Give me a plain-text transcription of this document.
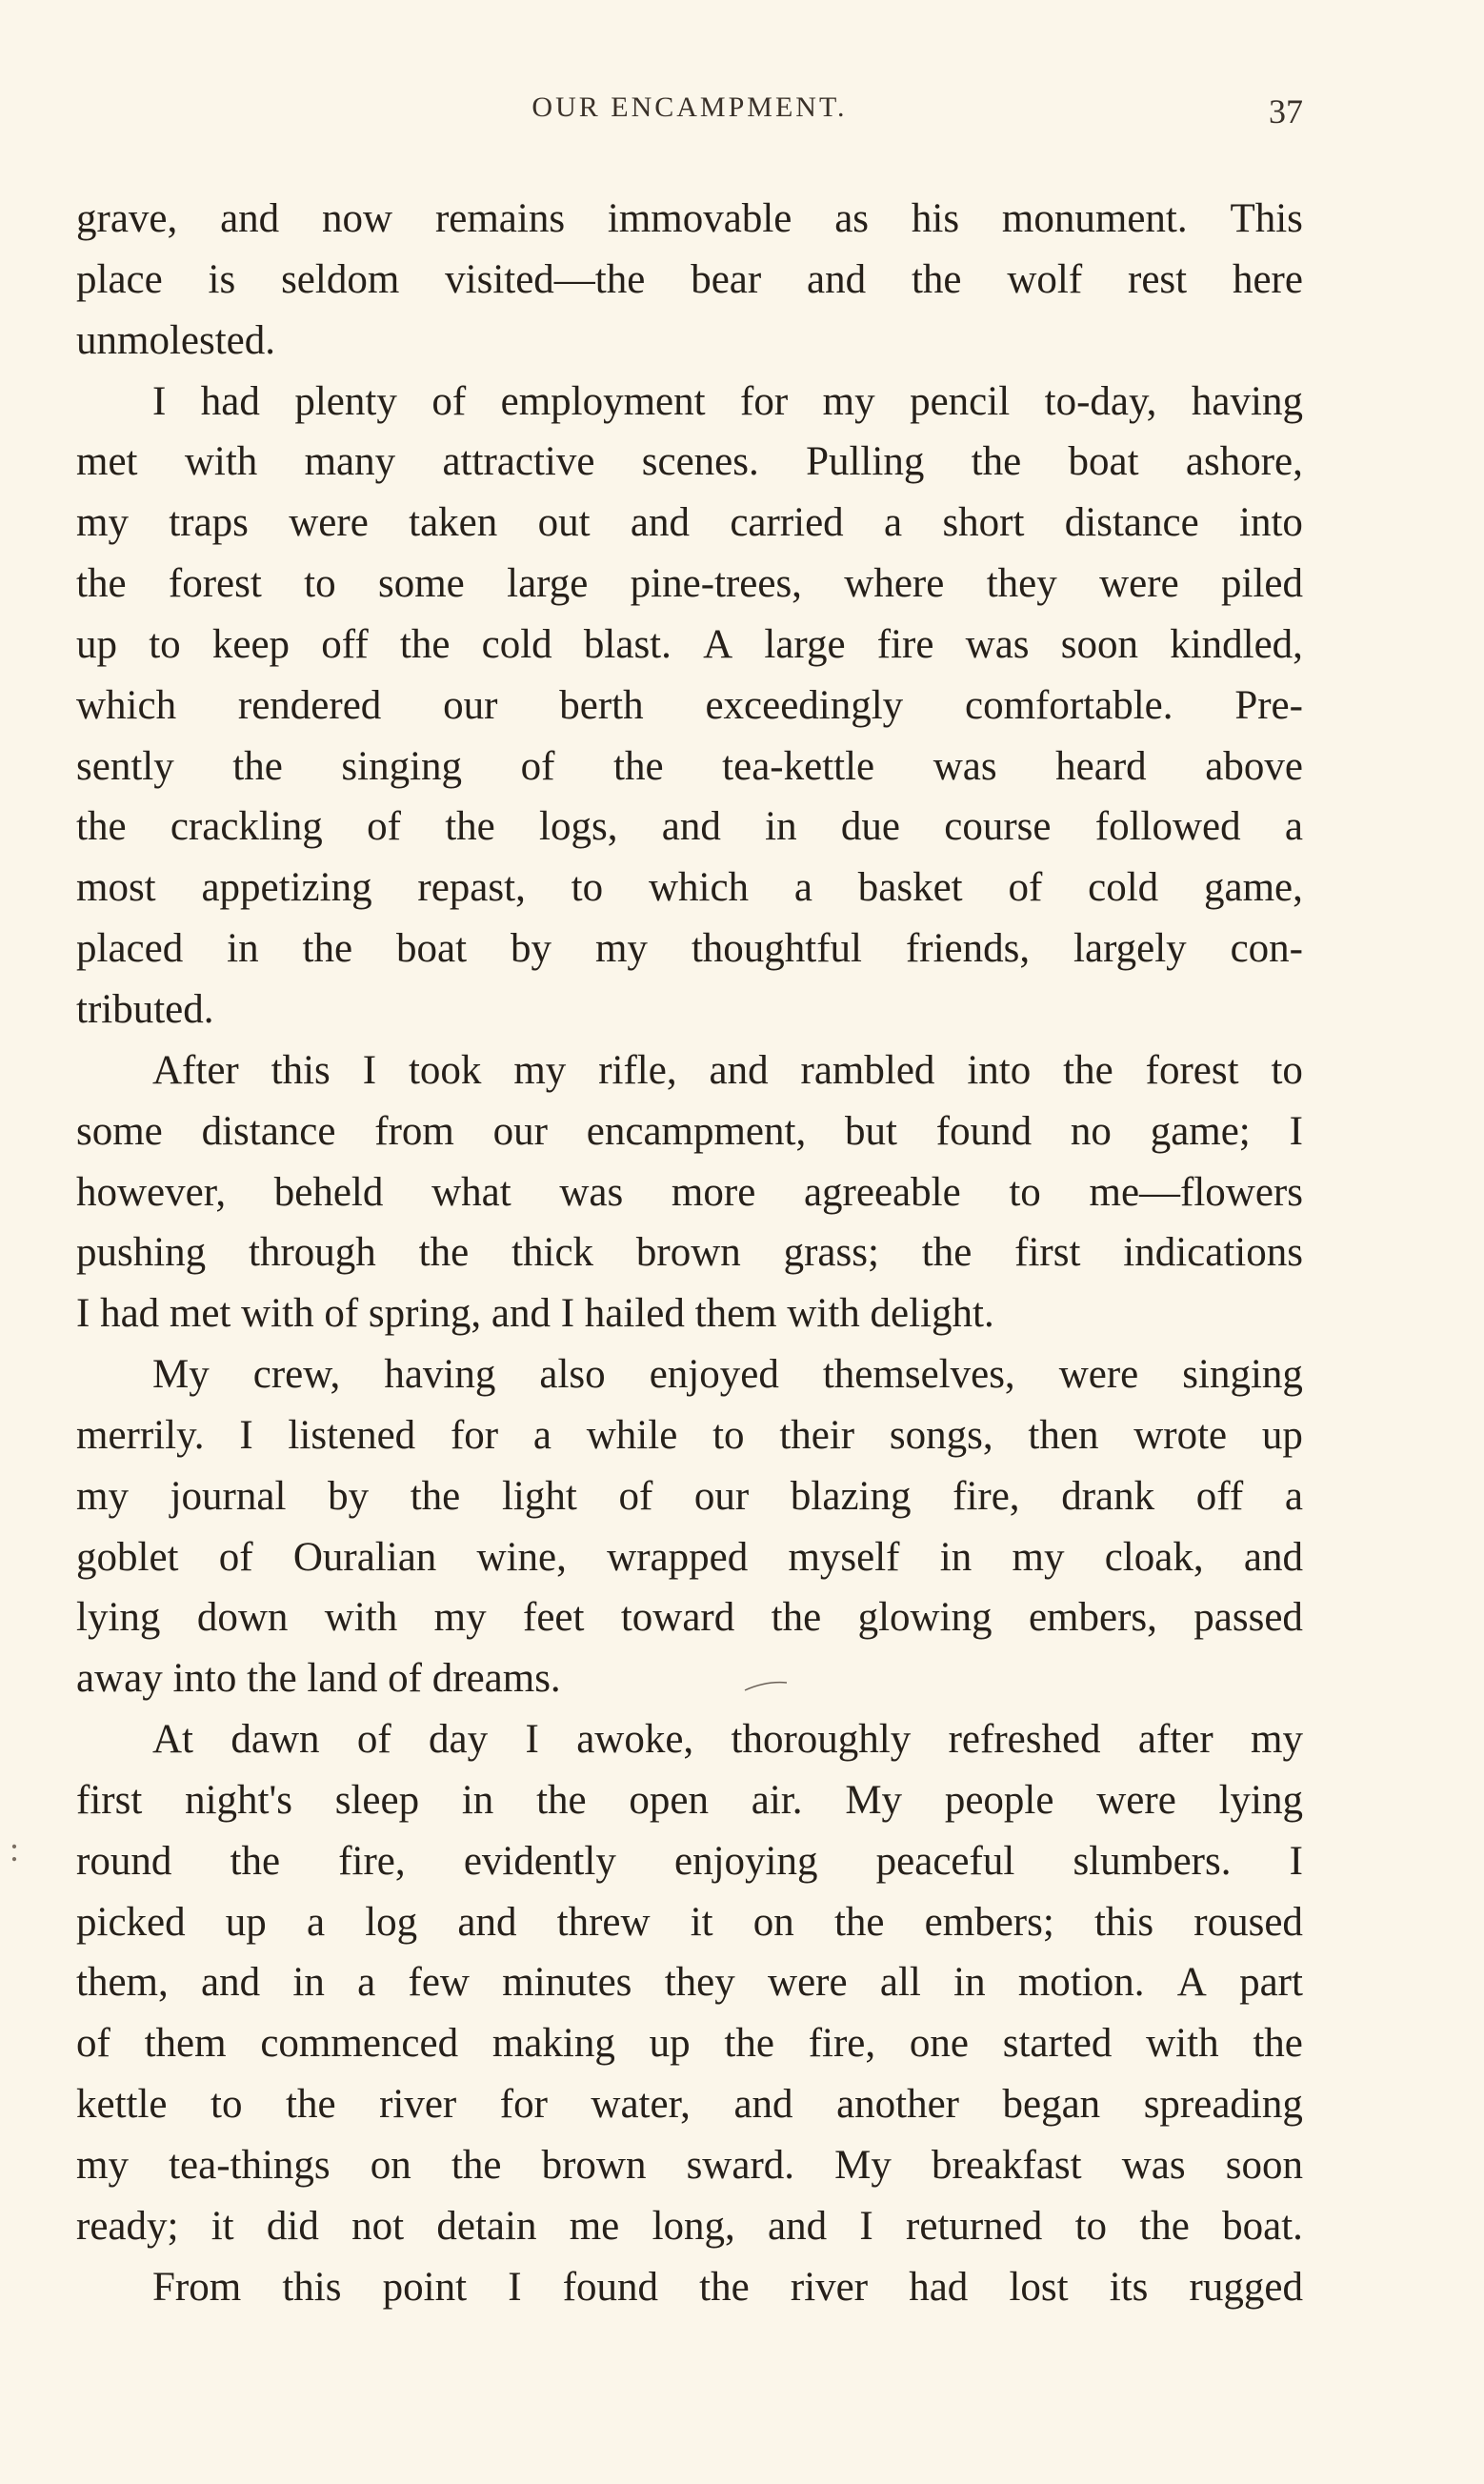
OUR ENCAMPMENT.	37
grave, and now remains immovable as his monument. This
place is seldom visited—the bear and the wolf rest here
unmolested.
I had plenty of employment for my pencil to-day, having
met with many attractive scenes. Pulling the boat ashore,
my traps were taken out and carried a short distance into
the forest to some large pine-trees, where they were piled
up to keep off the cold blast. A large fire was soon kindled,
which rendered our berth exceedingly comfortable. Pre-
sently the singing of the tea-kettle was heard above
the crackling of the logs, and in due course followed a
most appetizing repast, to which a basket of cold game,
placed in the boat by my thoughtful friends, largely con-
tributed.
After this I took my rifle, and rambled into the forest to
some distance from our encampment, but found no game; I
however, beheld what was more agreeable to me—flowers
pushing through the thick brown grass; the first indications
I had met with of spring, and I hailed them with delight.
My crew, having also enjoyed themselves, were singing
merrily. I listened for a while to their songs, then wrote up
my journal by the light of our blazing fire, drank off a
goblet of Ouralian wine, wrapped myself in my cloak, and
lying down with my feet toward the glowing embers, passed
away into the land of dreams.
At dawn of day I awoke, thoroughly refreshed after my
first night's sleep in the open air. My people were lying
round the fire, evidently enjoying peaceful slumbers. I
picked up a log and threw it on the embers; this roused
them, and in a few minutes they were all in motion. A part
of them commenced making up the fire, one started with the
kettle to the river for water, and another began spreading
my tea-things on the brown sward. My breakfast was soon
ready; it did not detain me long, and I returned to the boat.
From this point I found the river had lost its rugged
:
